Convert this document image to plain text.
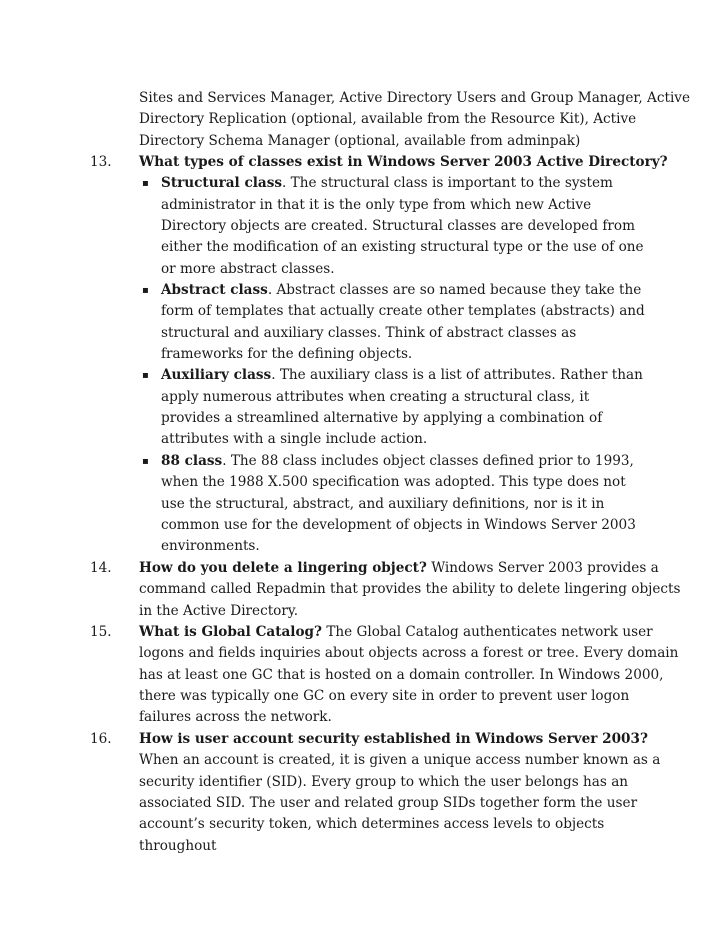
Sites and Services Manager, Active Directory Users and Group Manager, Active Directory Replication (optional, available from the Resource Kit), Active Directory Schema Manager (optional, available from adminpak)
13.	What types of classes exist in Windows Server 2003 Active Directory?
▪ Structural class. The structural class is important to the system administrator in that it is the only type from which new Active Directory objects are created. Structural classes are developed from either the modification of an existing structural type or the use of one or more abstract classes.
▪ Abstract class. Abstract classes are so named because they take the form of templates that actually create other templates (abstracts) and structural and auxiliary classes. Think of abstract classes as frameworks for the defining objects.
▪ Auxiliary class. The auxiliary class is a list of attributes. Rather than apply numerous attributes when creating a structural class, it provides a streamlined alternative by applying a combination of attributes with a single include action.
▪ 88 class. The 88 class includes object classes defined prior to 1993, when the 1988 X.500 specification was adopted. This type does not use the structural, abstract, and auxiliary definitions, nor is it in common use for the development of objects in Windows Server 2003 environments.
14.	How do you delete a lingering object? Windows Server 2003 provides a command called Repadmin that provides the ability to delete lingering objects in the Active Directory.
15.	What is Global Catalog? The Global Catalog authenticates network user logons and fields inquiries about objects across a forest or tree. Every domain has at least one GC that is hosted on a domain controller. In Windows 2000, there was typically one GC on every site in order to prevent user logon failures across the network.
16.	How is user account security established in Windows Server 2003?
When an account is created, it is given a unique access number known as a security identifier (SID). Every group to which the user belongs has an associated SID. The user and related group SIDs together form the user account’s security token, which determines access levels to objects throughout
